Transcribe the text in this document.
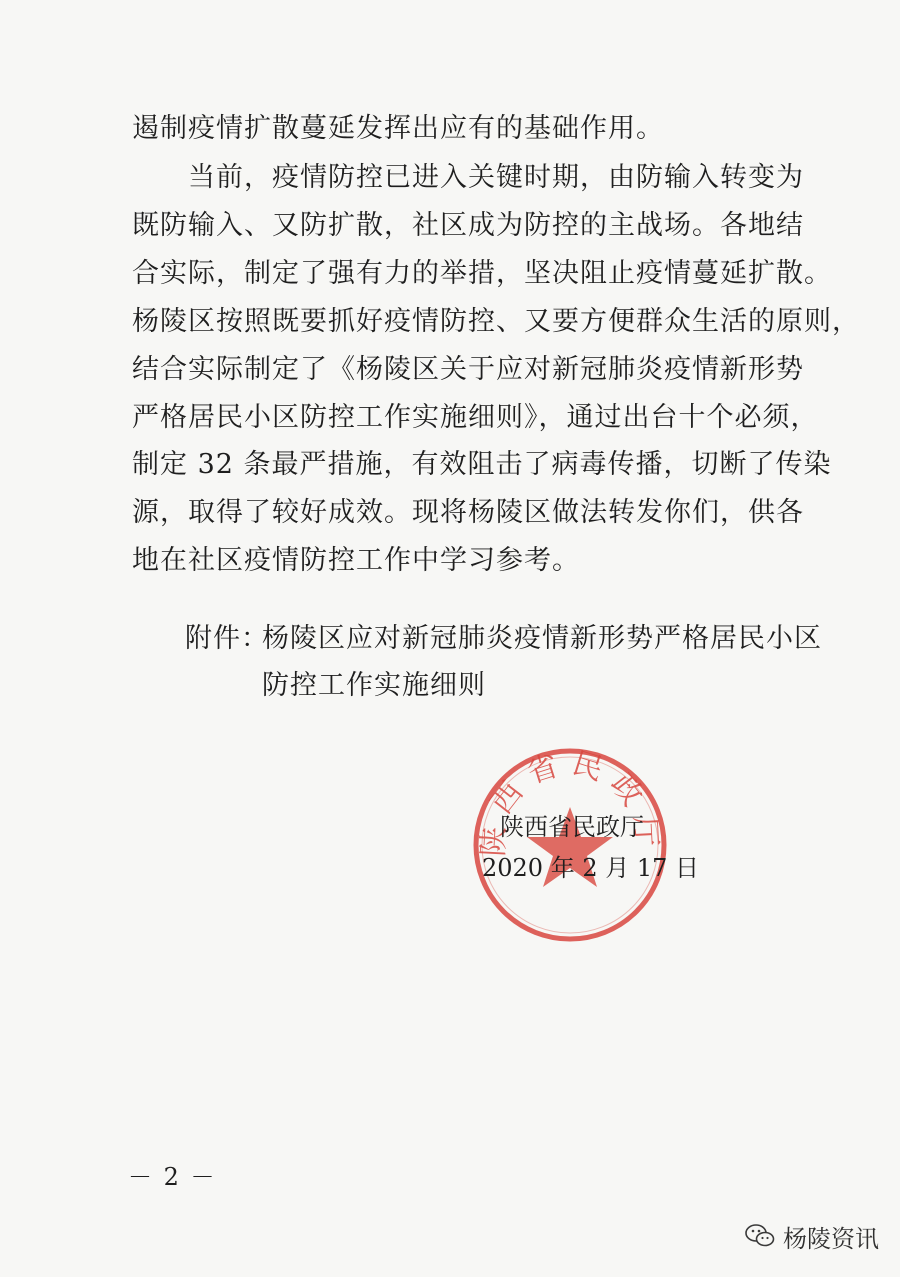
遏制疫情扩散蔓延发挥出应有的基础作用。
　　当前，疫情防控已进入关键时期，由防输入转变为
既防输入、又防扩散，社区成为防控的主战场。各地结
合实际，制定了强有力的举措，坚决阻止疫情蔓延扩散。
杨陵区按照既要抓好疫情防控、又要方便群众生活的原则，
结合实际制定了《杨陵区关于应对新冠肺炎疫情新形势
严格居民小区防控工作实施细则》，通过出台十个必须，
制定 32 条最严措施，有效阻击了病毒传播，切断了传染
源，取得了较好成效。现将杨陵区做法转发你们，供各
地在社区疫情防控工作中学习参考。
附件：
杨陵区应对新冠肺炎疫情新形势严格居民小区
防控工作实施细则
陕西省民政厅
陕西省民政厅
2020 年 2 月 17 日
－ 2 －
杨陵资讯
